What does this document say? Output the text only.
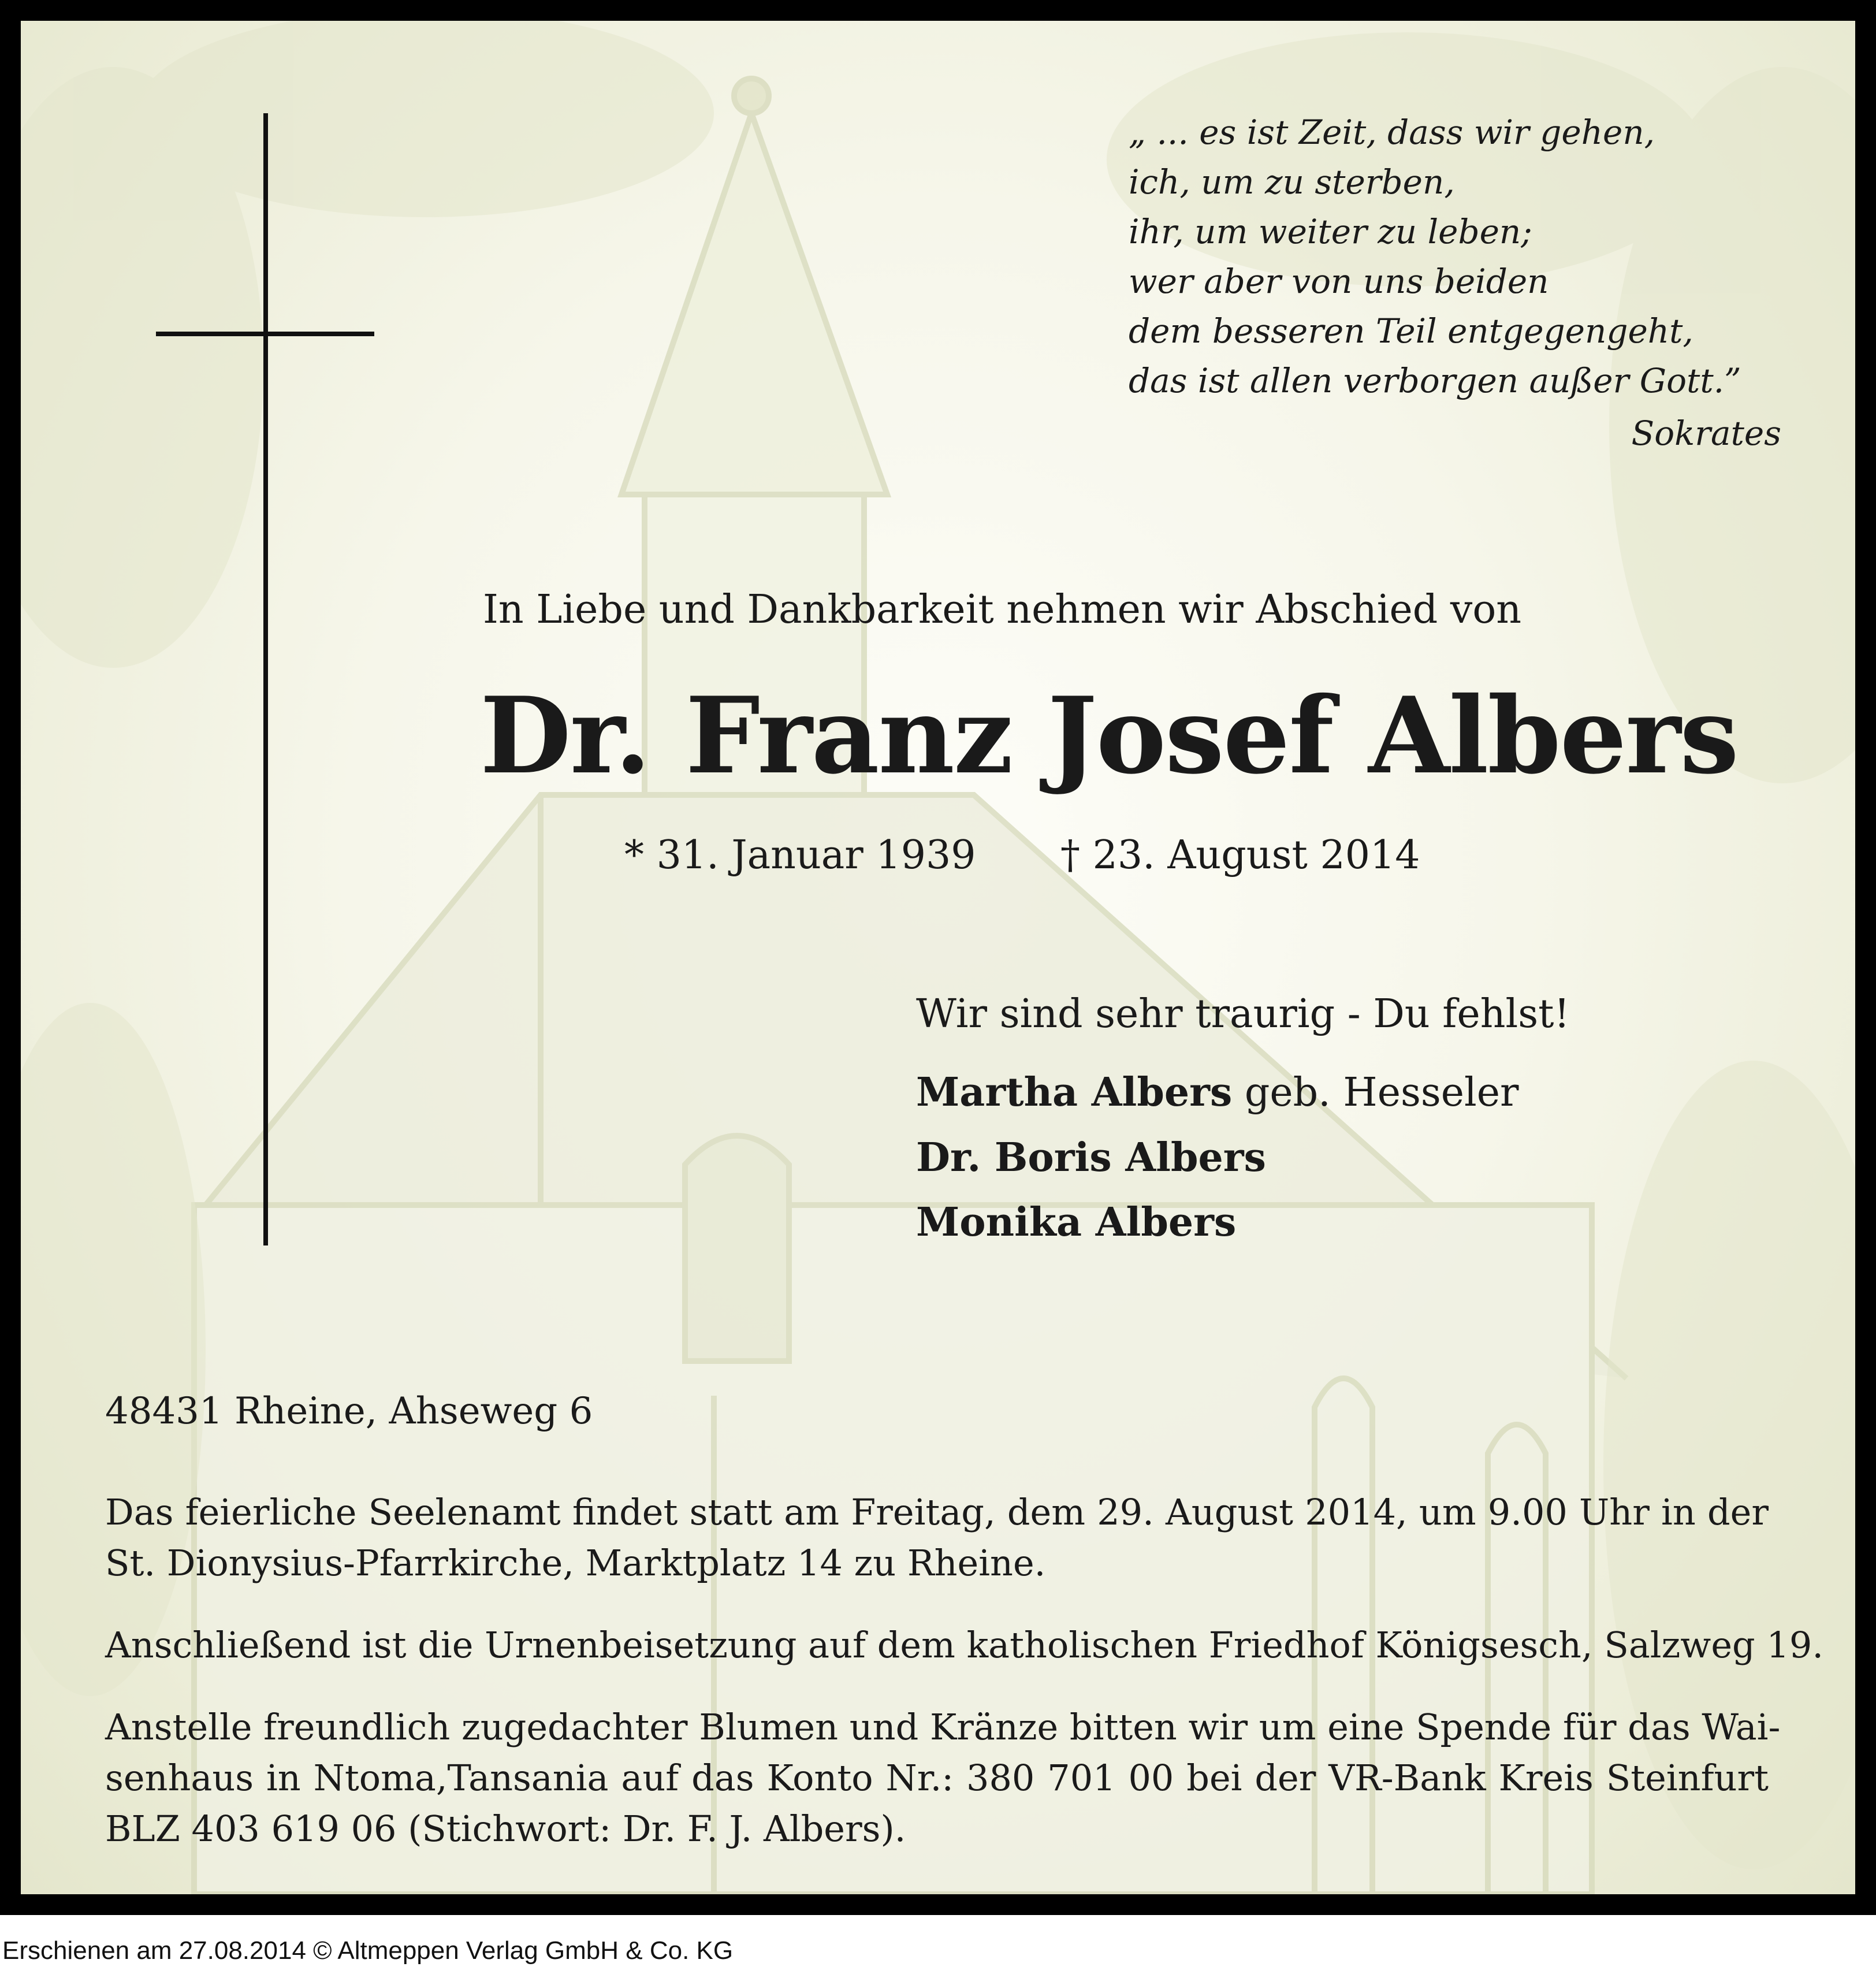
„ ... es ist Zeit, dass wir gehen,
ich, um zu sterben,
ihr, um weiter zu leben;
wer aber von uns beiden
dem besseren Teil entgegengeht,
das ist allen verborgen außer Gott.”
Sokrates
In Liebe und Dankbarkeit nehmen wir Abschied von
Dr. Franz Josef Albers
* 31. Januar 1939 † 23. August 2014
Wir sind sehr traurig - Du fehlst!
Martha Albers geb. Hesseler
Dr. Boris Albers
Monika Albers
48431 Rheine, Ahseweg 6
Das feierliche Seelenamt findet statt am Freitag, dem 29. August 2014, um 9.00 Uhr in der
St. Dionysius-Pfarrkirche, Marktplatz 14 zu Rheine.
Anschließend ist die Urnenbeisetzung auf dem katholischen Friedhof Königsesch, Salzweg 19.
Anstelle freundlich zugedachter Blumen und Kränze bitten wir um eine Spende für das Wai-
senhaus in Ntoma,Tansania auf das Konto Nr.: 380 701 00 bei der VR-Bank Kreis Steinfurt
BLZ 403 619 06 (Stichwort: Dr. F. J. Albers).
Erschienen am 27.08.2014 © Altmeppen Verlag GmbH & Co. KG
